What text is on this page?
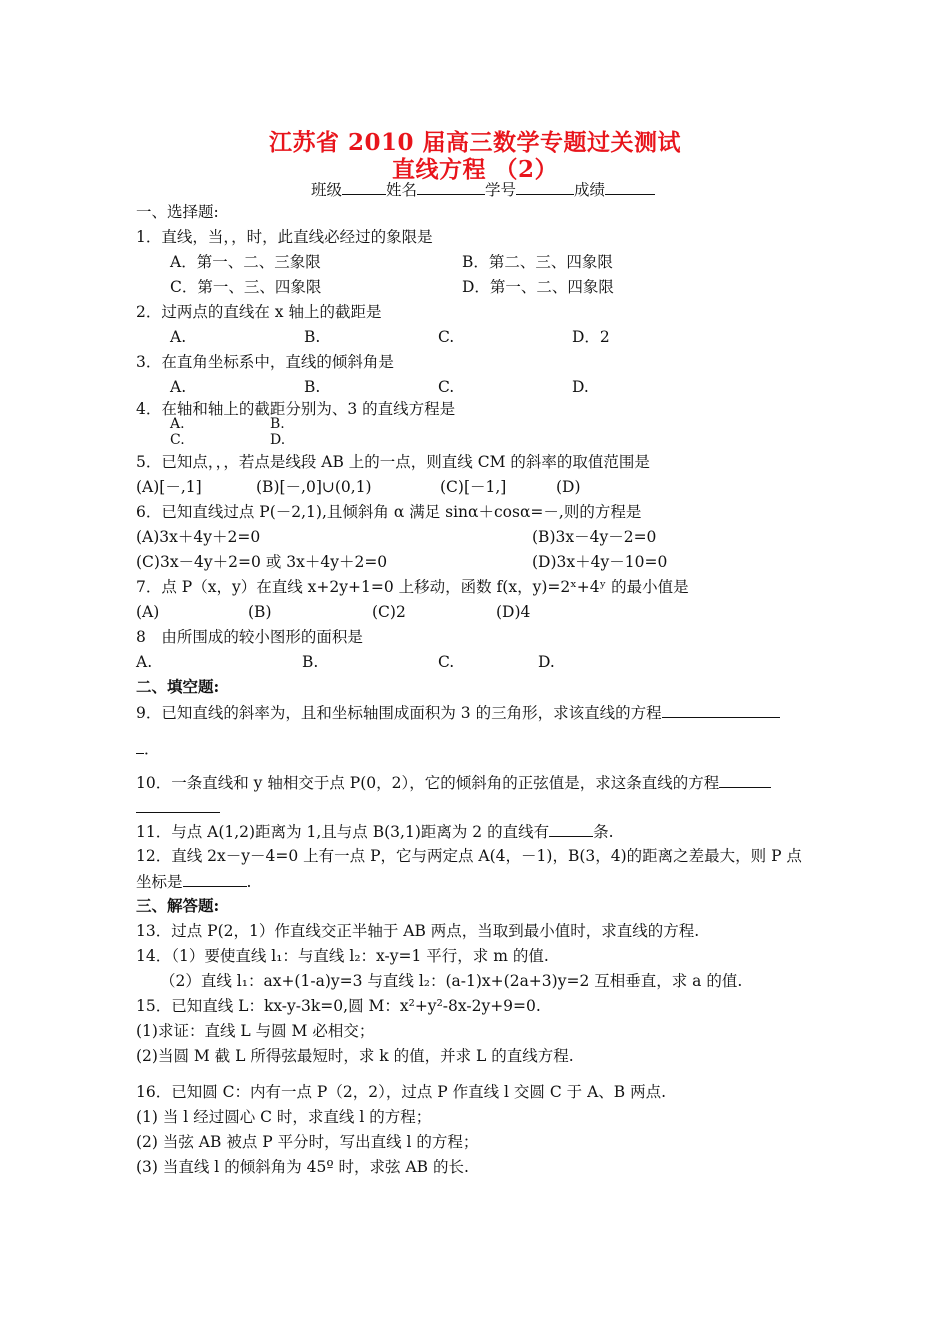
江苏省 2010 届高三数学专题过关测试
直线方程 （2）
班级	姓名	学号	成绩
一、选择题:
1．直线，当，，时，此直线必经过的象限是
A．第一、二、三象限	B．第二、三、四象限
C．第一、三、四象限	D．第一、二、四象限
2．过两点的直线在 x 轴上的截距是
A.	B.	C.	D．2
3．在直角坐标系中，直线的倾斜角是
A.	B.	C.	D.
4．在轴和轴上的截距分别为、3 的直线方程是
A.	B.
C.	D.
5．已知点，，，若点是线段 AB 上的一点，则直线 CM 的斜率的取值范围是
(A)[－,1]	(B)[－,0]∪(0,1)	(C)[－1,]	(D)
6．已知直线过点 P(－2,1),且倾斜角 α 满足 sinα＋cosα=－,则的方程是
(A)3x＋4y＋2=0	(B)3x－4y－2=0
(C)3x－4y＋2=0 或 3x＋4y＋2=0	(D)3x＋4y－10=0
7．点 P（x，y）在直线 x+2y+1=0 上移动，函数 f(x，y)=2ˣ+4ʸ 的最小值是
(A)	(B)	(C)2	(D)4
8　由所围成的较小图形的面积是
A.	B.	C.	D.
二、填空题:
9．已知直线的斜率为，且和坐标轴围成面积为 3 的三角形，求该直线的方程
．
10．一条直线和 y 轴相交于点 P(0，2），它的倾斜角的正弦值是，求这条直线的方程
11．与点 A(1,2)距离为 1,且与点 B(3,1)距离为 2 的直线有	条.
12．直线 2x－y－4=0 上有一点 P，它与两定点 A(4，－1)，B(3，4)的距离之差最大，则 P 点
坐标是	.
三、解答题:
13．过点 P(2，1）作直线交正半轴于 AB 两点，当取到最小值时，求直线的方程.
14．（1）要使直线 l₁：与直线 l₂：x-y=1 平行，求 m 的值.
（2）直线 l₁：ax+(1-a)y=3 与直线 l₂：(a-1)x+(2a+3)y=2 互相垂直，求 a 的值.
15．已知直线 L：kx-y-3k=0,圆 M：x²+y²-8x-2y+9=0.
(1)求证：直线 L 与圆 M 必相交；
(2)当圆 M 截 L 所得弦最短时，求 k 的值，并求 L 的直线方程.
16．已知圆 C：内有一点 P（2，2），过点 P 作直线 l 交圆 C 于 A、B 两点.
(1) 当 l 经过圆心 C 时，求直线 l 的方程；
(2) 当弦 AB 被点 P 平分时，写出直线 l 的方程；
(3) 当直线 l 的倾斜角为 45º 时，求弦 AB 的长.
